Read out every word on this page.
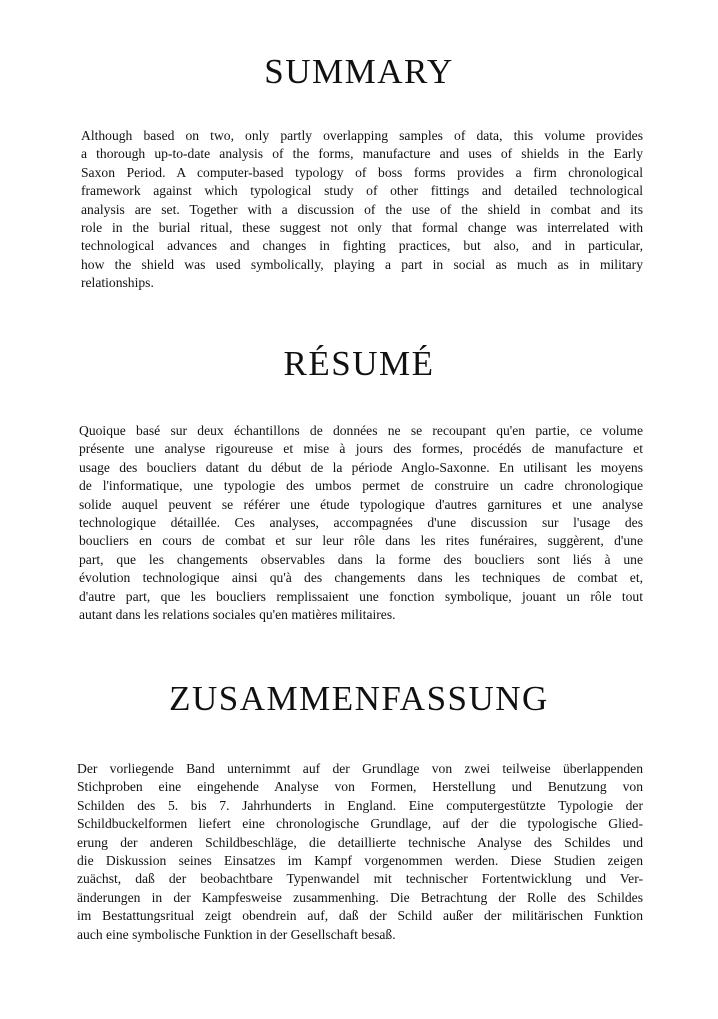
SUMMARY

Although based on two, only partly overlapping samples of data, this volume provides
a thorough up-to-date analysis of the forms, manufacture and uses of shields in the Early
Saxon Period. A computer-based typology of boss forms provides a firm chronological
framework against which typological study of other fittings and detailed technological
analysis are set. Together with a discussion of the use of the shield in combat and its
role in the burial ritual, these suggest not only that formal change was interrelated with
technological advances and changes in fighting practices, but also, and in particular,
how the shield was used symbolically, playing a part in social as much as in military
relationships.

RÉSUMÉ

Quoique basé sur deux échantillons de données ne se recoupant qu'en partie, ce volume
présente une analyse rigoureuse et mise à jours des formes, procédés de manufacture et
usage des boucliers datant du début de la période Anglo-Saxonne. En utilisant les moyens
de l'informatique, une typologie des umbos permet de construire un cadre chronologique
solide auquel peuvent se référer une étude typologique d'autres garnitures et une analyse
technologique détaillée. Ces analyses, accompagnées d'une discussion sur l'usage des
boucliers en cours de combat et sur leur rôle dans les rites funéraires, suggèrent, d'une
part, que les changements observables dans la forme des boucliers sont liés à une
évolution technologique ainsi qu'à des changements dans les techniques de combat et,
d'autre part, que les boucliers remplissaient une fonction symbolique, jouant un rôle tout
autant dans les relations sociales qu'en matières militaires.

ZUSAMMENFASSUNG

Der vorliegende Band unternimmt auf der Grundlage von zwei teilweise überlappenden
Stichproben eine eingehende Analyse von Formen, Herstellung und Benutzung von
Schilden des 5. bis 7. Jahrhunderts in England. Eine computergestützte Typologie der
Schildbuckelformen liefert eine chronologische Grundlage, auf der die typologische Glied-
erung der anderen Schildbeschläge, die detaillierte technische Analyse des Schildes und
die Diskussion seines Einsatzes im Kampf vorgenommen werden. Diese Studien zeigen
zuächst, daß der beobachtbare Typenwandel mit technischer Fortentwicklung und Ver-
änderungen in der Kampfesweise zusammenhing. Die Betrachtung der Rolle des Schildes
im Bestattungsritual zeigt obendrein auf, daß der Schild außer der militärischen Funktion
auch eine symbolische Funktion in der Gesellschaft besaß.
